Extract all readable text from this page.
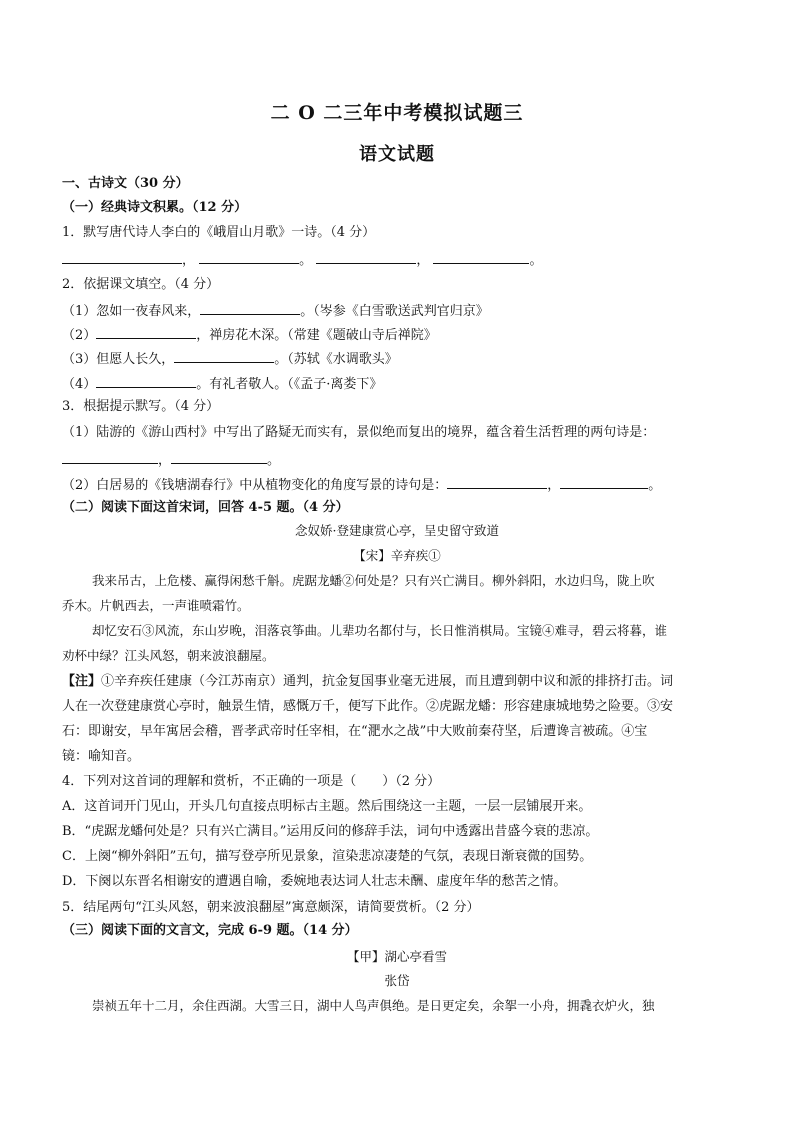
二 O 二三年中考模拟试题三
语文试题
一、古诗文（30 分）
（一）经典诗文积累。（12 分）
1．默写唐代诗人李白的《峨眉山月歌》一诗。（4 分）
，	。	，	。
2．依据课文填空。（4 分）
（1）忽如一夜春风来，	。（岑参《白雪歌送武判官归京》
（2）	，禅房花木深。（常建《题破山寺后禅院》
（3）但愿人长久，	。（苏轼《水调歌头》
（4）	。有礼者敬人。（《孟子·离娄下》
3．根据提示默写。（4 分）
（1）陆游的《游山西村》中写出了路疑无而实有，景似绝而复出的境界，蕴含着生活哲理的两句诗是：
，	。
（2）白居易的《钱塘湖春行》中从植物变化的角度写景的诗句是：	，	。
（二）阅读下面这首宋词，回答 4-5 题。（4 分）
念奴娇·登建康赏心亭，呈史留守致道
【宋】辛弃疾①
我来吊古，上危楼、赢得闲愁千斛。虎踞龙蟠②何处是？只有兴亡满目。柳外斜阳，水边归鸟，陇上吹
乔木。片帆西去，一声谁喷霜竹。
却忆安石③风流，东山岁晚，泪落哀筝曲。儿辈功名都付与，长日惟消棋局。宝镜④难寻，碧云将暮，谁
劝杯中绿？江头风怒，朝来波浪翻屋。
【注】①辛弃疾任建康（今江苏南京）通判，抗金复国事业毫无进展，而且遭到朝中议和派的排挤打击。词
人在一次登建康赏心亭时，触景生情，感慨万千，便写下此作。②虎踞龙蟠：形容建康城地势之险要。③安
石：即谢安，早年寓居会稽，晋孝武帝时任宰相，在“淝水之战”中大败前秦苻坚，后遭谗言被疏。④宝
镜：喻知音。
4．下列对这首词的理解和赏析，不正确的一项是（　　）（2 分）
A．这首词开门见山，开头几句直接点明标古主题。然后围绕这一主题，一层一层铺展开来。
B．“虎踞龙蟠何处是？只有兴亡满目。”运用反问的修辞手法，词句中透露出昔盛今衰的悲凉。
C．上阕“柳外斜阳”五句，描写登亭所见景象，渲染悲凉凄楚的气氛，表现日渐衰微的国势。
D．下阕以东晋名相谢安的遭遇自喻，委婉地表达词人壮志未酬、虚度年华的愁苦之情。
5．结尾两句“江头风怒，朝来波浪翻屋”寓意颇深，请简要赏析。（2 分）
（三）阅读下面的文言文，完成 6-9 题。（14 分）
【甲】湖心亭看雪
张岱
崇祯五年十二月，余住西湖。大雪三日，湖中人鸟声俱绝。是日更定矣，余挐一小舟，拥毳衣炉火，独
